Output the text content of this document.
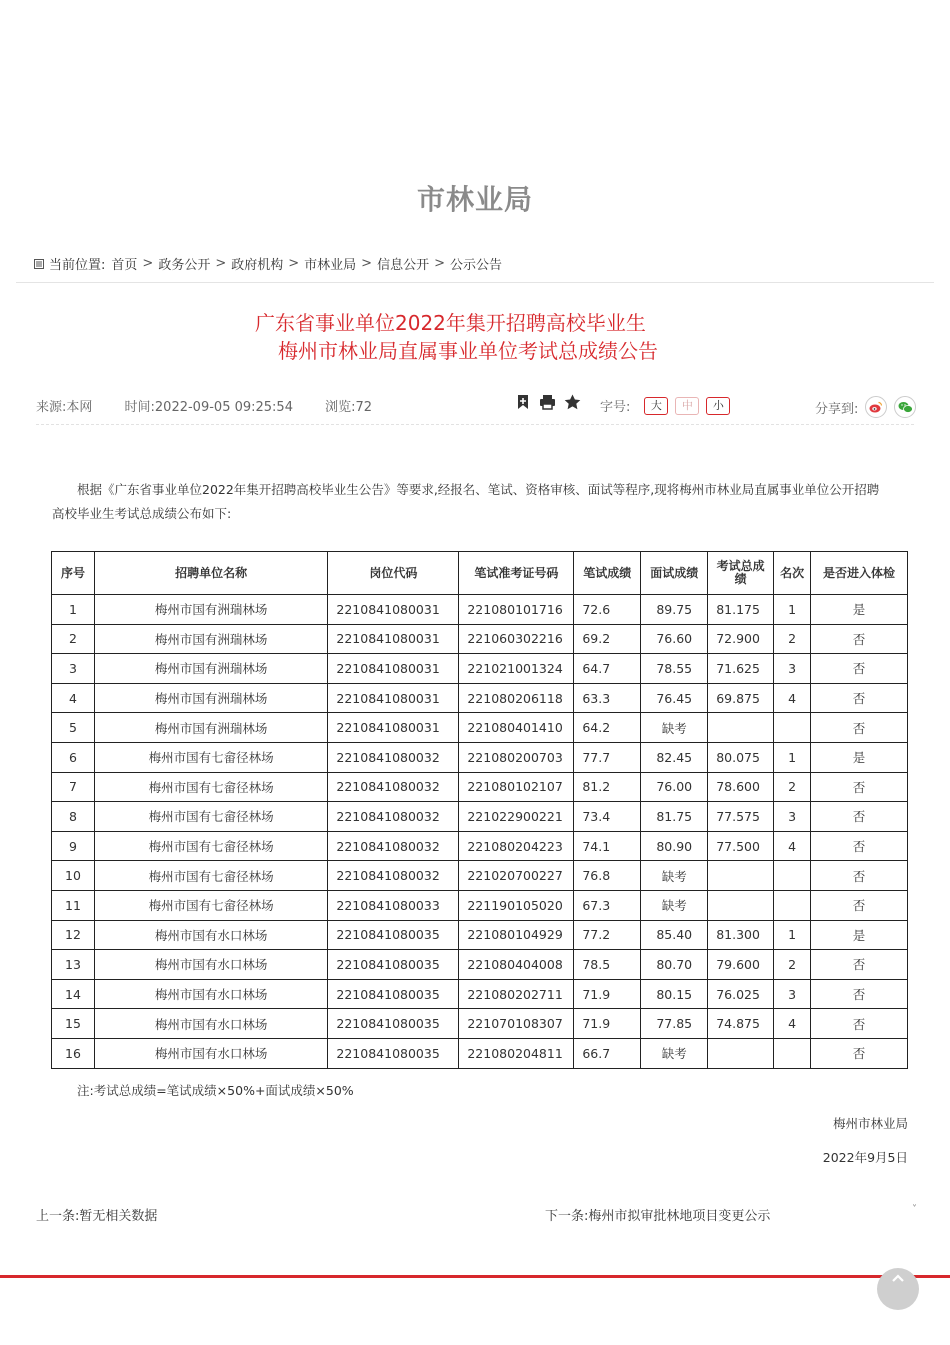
市林业局
当前位置: 首页 > 政务公开 > 政府机构 > 市林业局 > 信息公开 > 公示公告
广东省事业单位2022年集开招聘高校毕业生
梅州市林业局直属事业单位考试总成绩公告
来源:本网 时间:2022-09-05 09:25:54 浏览:72	字号:	大	中	小	分享到:
根据《广东省事业单位2022年集开招聘高校毕业生公告》等要求,经报名、笔试、资格审核、面试等程序,现将梅州市林业局直属事业单位公开招聘高校毕业生考试总成绩公布如下:
序号	招聘单位名称	岗位代码	笔试准考证号码	笔试成绩	面试成绩	考试总成绩	名次	是否进入体检
1	梅州市国有洲瑞林场	2210841080031	221080101716	72.6	89.75	81.175	1	是
2	梅州市国有洲瑞林场	2210841080031	221060302216	69.2	76.60	72.900	2	否
3	梅州市国有洲瑞林场	2210841080031	221021001324	64.7	78.55	71.625	3	否
4	梅州市国有洲瑞林场	2210841080031	221080206118	63.3	76.45	69.875	4	否
5	梅州市国有洲瑞林场	2210841080031	221080401410	64.2	缺考			否
6	梅州市国有七畲径林场	2210841080032	221080200703	77.7	82.45	80.075	1	是
7	梅州市国有七畲径林场	2210841080032	221080102107	81.2	76.00	78.600	2	否
8	梅州市国有七畲径林场	2210841080032	221022900221	73.4	81.75	77.575	3	否
9	梅州市国有七畲径林场	2210841080032	221080204223	74.1	80.90	77.500	4	否
10	梅州市国有七畲径林场	2210841080032	221020700227	76.8	缺考			否
11	梅州市国有七畲径林场	2210841080033	221190105020	67.3	缺考			否
12	梅州市国有水口林场	2210841080035	221080104929	77.2	85.40	81.300	1	是
13	梅州市国有水口林场	2210841080035	221080404008	78.5	80.70	79.600	2	否
14	梅州市国有水口林场	2210841080035	221080202711	71.9	80.15	76.025	3	否
15	梅州市国有水口林场	2210841080035	221070108307	71.9	77.85	74.875	4	否
16	梅州市国有水口林场	2210841080035	221080204811	66.7	缺考			否
注:考试总成绩=笔试成绩×50%+面试成绩×50%
梅州市林业局
2022年9月5日
上一条:暂无相关数据	下一条:梅州市拟审批林地项目变更公示	˅
